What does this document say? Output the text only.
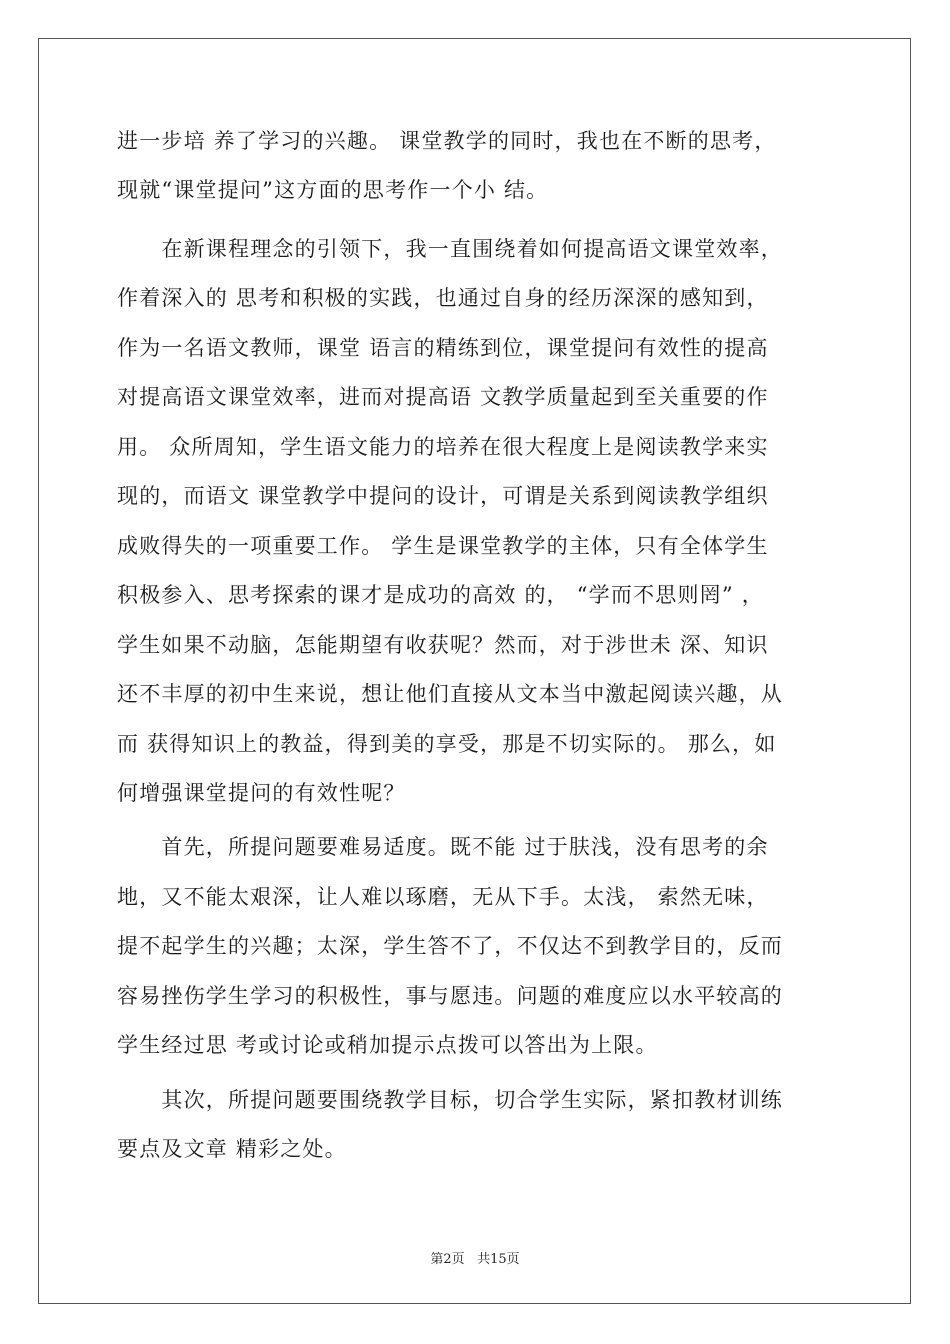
进一步培 养了学习的兴趣。 课堂教学的同时，我也在不断的思考，
现就“课堂提问”这方面的思考作一个小 结。
　　在新课程理念的引领下，我一直围绕着如何提高语文课堂效率，
作着深入的 思考和积极的实践，也通过自身的经历深深的感知到，
作为一名语文教师，课堂 语言的精练到位，课堂提问有效性的提高
对提高语文课堂效率，进而对提高语 文教学质量起到至关重要的作
用。 众所周知，学生语文能力的培养在很大程度上是阅读教学来实
现的，而语文 课堂教学中提问的设计，可谓是关系到阅读教学组织
成败得失的一项重要工作。 学生是课堂教学的主体，只有全体学生
积极参入、思考探索的课才是成功的高效 的， “学而不思则罔” ，
学生如果不动脑，怎能期望有收获呢？然而，对于涉世未 深、知识
还不丰厚的初中生来说，想让他们直接从文本当中激起阅读兴趣，从
而 获得知识上的教益，得到美的享受，那是不切实际的。 那么，如
何增强课堂提问的有效性呢？
　　首先，所提问题要难易适度。既不能 过于肤浅，没有思考的余
地，又不能太艰深，让人难以琢磨，无从下手。太浅， 索然无味，
提不起学生的兴趣；太深，学生答不了，不仅达不到教学目的，反而
容易挫伤学生学习的积极性，事与愿违。问题的难度应以水平较高的
学生经过思 考或讨论或稍加提示点拨可以答出为上限。
　　其次，所提问题要围绕教学目标，切合学生实际，紧扣教材训练
要点及文章 精彩之处。
第2页 共15页
